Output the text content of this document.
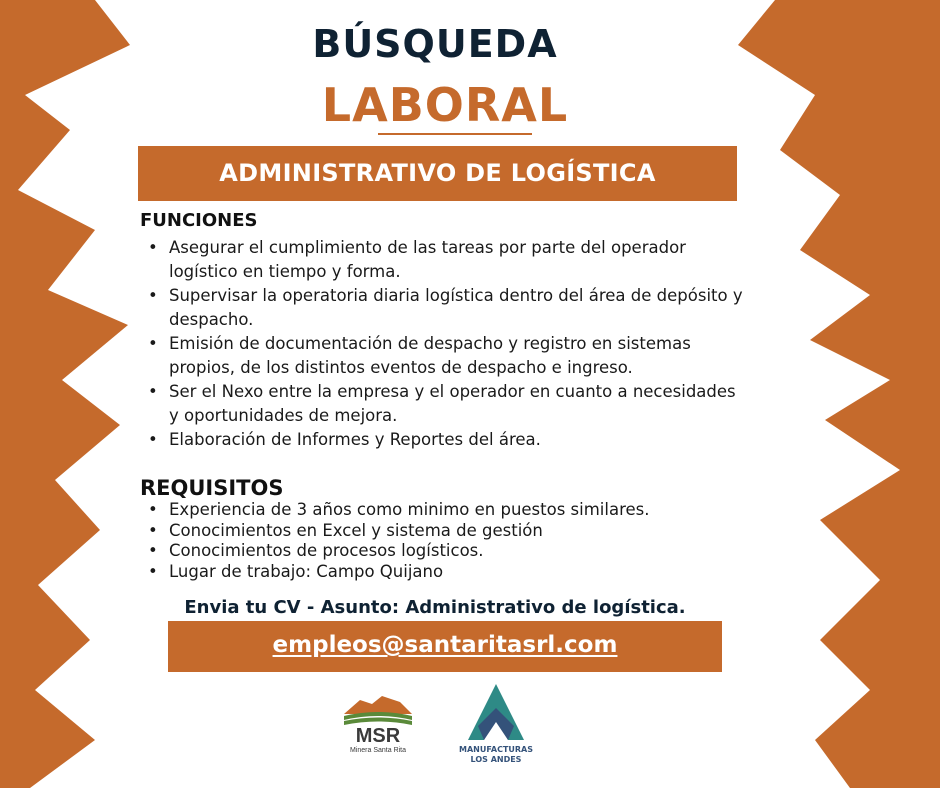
BÚSQUEDA
LABORAL
ADMINISTRATIVO DE LOGÍSTICA
FUNCIONES
• Asegurar el cumplimiento de las tareas por parte del operador logístico en tiempo y forma.
• Supervisar la operatoria diaria logística dentro del área de depósito y despacho.
• Emisión de documentación de despacho y registro en sistemas propios, de los distintos eventos de despacho e ingreso.
• Ser el Nexo entre la empresa y el operador en cuanto a necesidades y oportunidades de mejora.
• Elaboración de Informes y Reportes del área.
REQUISITOS
• Experiencia de 3 años como minimo en puestos similares.
• Conocimientos en Excel y sistema de gestión
• Conocimientos de procesos logísticos.
• Lugar de trabajo: Campo Quijano
Envia tu CV - Asunto: Administrativo de logística.
empleos@santaritasrl.com
MSR
Minera Santa Rita	MANUFACTURAS
LOS ANDES
